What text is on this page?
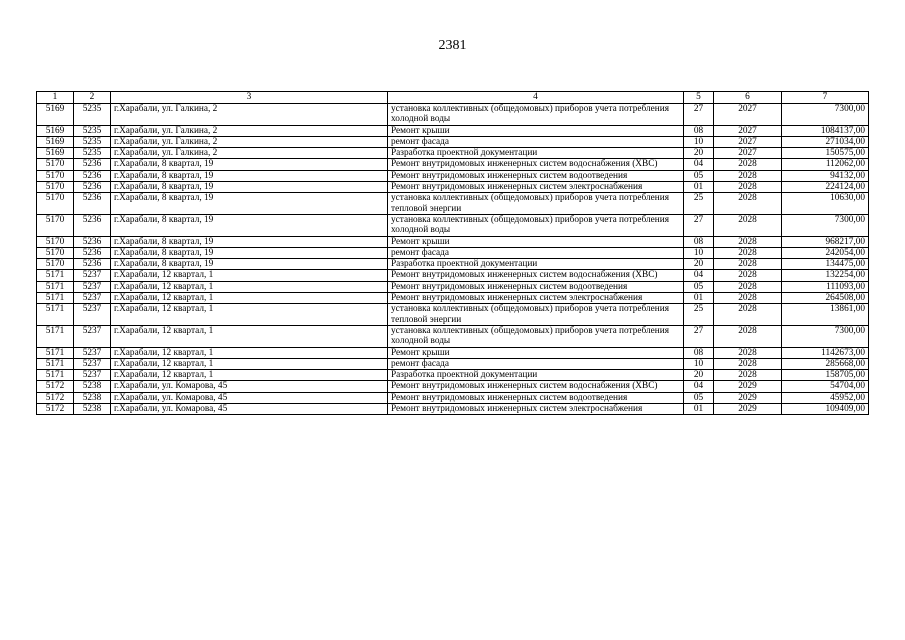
2381
1	2	3	4	5	6	7
5169	5235	г.Харабали, ул. Галкина, 2	установка коллективных (общедомовых) приборов учета потребления холодной воды	27	2027	7300,00
5169	5235	г.Харабали, ул. Галкина, 2	Ремонт крыши	08	2027	1084137,00
5169	5235	г.Харабали, ул. Галкина, 2	ремонт фасада	10	2027	271034,00
5169	5235	г.Харабали, ул. Галкина, 2	Разработка проектной документации	20	2027	150575,00
5170	5236	г.Харабали, 8 квартал, 19	Ремонт внутридомовых инженерных систем водоснабжения (ХВС)	04	2028	112062,00
5170	5236	г.Харабали, 8 квартал, 19	Ремонт внутридомовых инженерных систем водоотведения	05	2028	94132,00
5170	5236	г.Харабали, 8 квартал, 19	Ремонт внутридомовых инженерных систем электроснабжения	01	2028	224124,00
5170	5236	г.Харабали, 8 квартал, 19	установка коллективных (общедомовых) приборов учета потребления тепловой энергии	25	2028	10630,00
5170	5236	г.Харабали, 8 квартал, 19	установка коллективных (общедомовых) приборов учета потребления холодной воды	27	2028	7300,00
5170	5236	г.Харабали, 8 квартал, 19	Ремонт крыши	08	2028	968217,00
5170	5236	г.Харабали, 8 квартал, 19	ремонт фасада	10	2028	242054,00
5170	5236	г.Харабали, 8 квартал, 19	Разработка проектной документации	20	2028	134475,00
5171	5237	г.Харабали, 12 квартал, 1	Ремонт внутридомовых инженерных систем водоснабжения (ХВС)	04	2028	132254,00
5171	5237	г.Харабали, 12 квартал, 1	Ремонт внутридомовых инженерных систем водоотведения	05	2028	111093,00
5171	5237	г.Харабали, 12 квартал, 1	Ремонт внутридомовых инженерных систем электроснабжения	01	2028	264508,00
5171	5237	г.Харабали, 12 квартал, 1	установка коллективных (общедомовых) приборов учета потребления тепловой энергии	25	2028	13861,00
5171	5237	г.Харабали, 12 квартал, 1	установка коллективных (общедомовых) приборов учета потребления холодной воды	27	2028	7300,00
5171	5237	г.Харабали, 12 квартал, 1	Ремонт крыши	08	2028	1142673,00
5171	5237	г.Харабали, 12 квартал, 1	ремонт фасада	10	2028	285668,00
5171	5237	г.Харабали, 12 квартал, 1	Разработка проектной документации	20	2028	158705,00
5172	5238	г.Харабали, ул. Комарова, 45	Ремонт внутридомовых инженерных систем водоснабжения (ХВС)	04	2029	54704,00
5172	5238	г.Харабали, ул. Комарова, 45	Ремонт внутридомовых инженерных систем водоотведения	05	2029	45952,00
5172	5238	г.Харабали, ул. Комарова, 45	Ремонт внутридомовых инженерных систем электроснабжения	01	2029	109409,00
